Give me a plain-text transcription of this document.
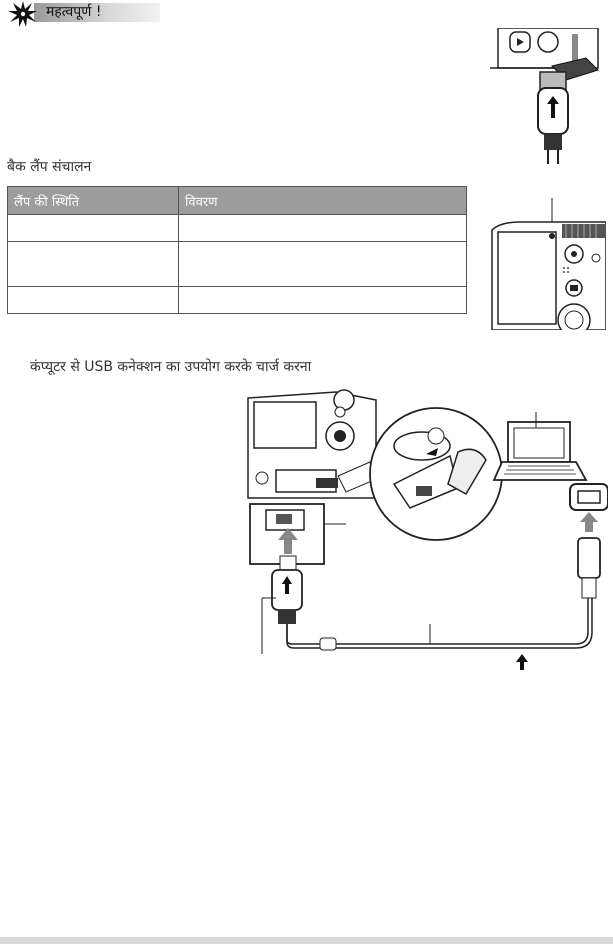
महत्वपूर्ण !
बैक लैंप संचालन
लैंप की स्थिति	विवरण

कंप्यूटर से USB कनेक्शन का उपयोग करके चार्ज करना
